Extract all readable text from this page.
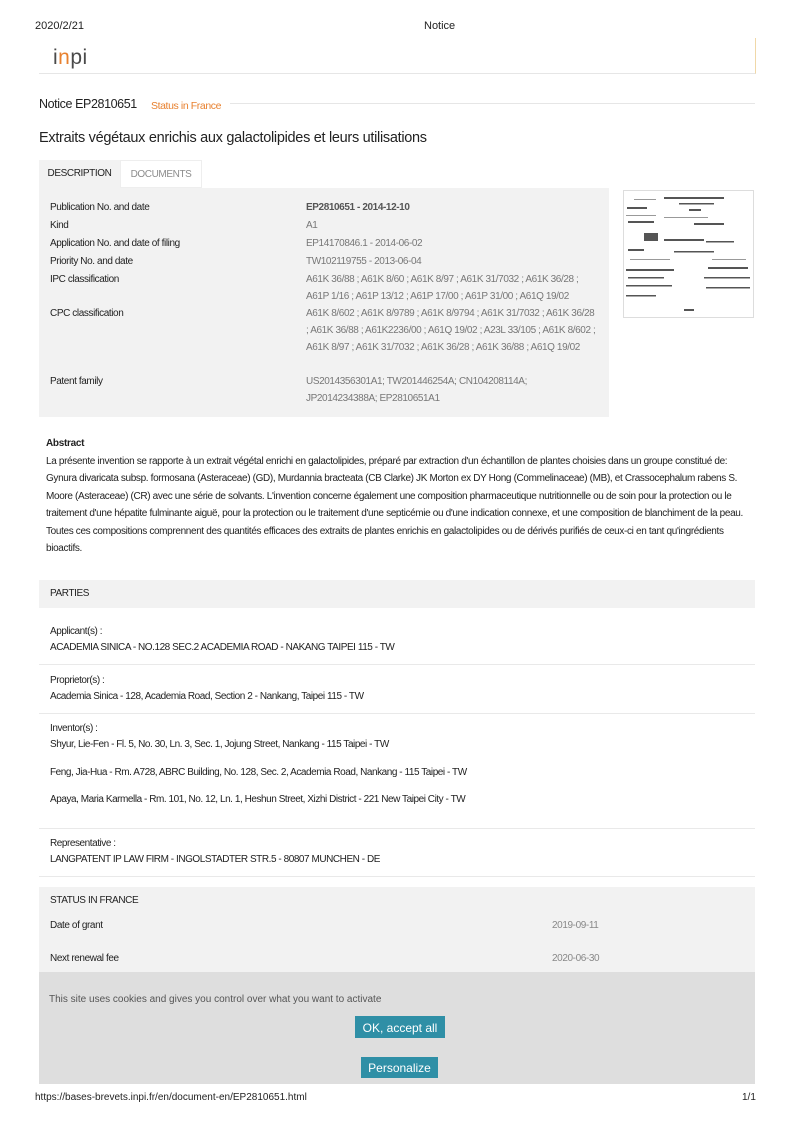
2020/2/21	Notice
inpi
Notice EP2810651 Status in France
Extraits végétaux enrichis aux galactolipides et leurs utilisations
DESCRIPTION	DOCUMENTS
Publication No. and date	EP2810651 - 2014-12-10
Kind	A1
Application No. and date of filing	EP14170846.1 - 2014-06-02
Priority No. and date	TW102119755 - 2013-06-04
IPC classification	A61K 36/88 ; A61K 8/60 ; A61K 8/97 ; A61K 31/7032 ; A61K 36/28 ; A61P 1/16 ; A61P 13/12 ; A61P 17/00 ; A61P 31/00 ; A61Q 19/02
CPC classification	A61K 8/602 ; A61K 8/9789 ; A61K 8/9794 ; A61K 31/7032 ; A61K 36/28 ; A61K 36/88 ; A61K2236/00 ; A61Q 19/02 ; A23L 33/105 ; A61K 8/602 ; A61K 8/97 ; A61K 31/7032 ; A61K 36/28 ; A61K 36/88 ; A61Q 19/02
Patent family	US2014356301A1; TW201446254A; CN104208114A; JP2014234388A; EP2810651A1
Abstract
La présente invention se rapporte à un extrait végétal enrichi en galactolipides, préparé par extraction d'un échantillon de plantes choisies dans un groupe constitué de: Gynura divaricata subsp. formosana (Asteraceae) (GD), Murdannia bracteata (CB Clarke) JK Morton ex DY Hong (Commelinaceae) (MB), et Crassocephalum rabens S. Moore (Asteraceae) (CR) avec une série de solvants. L'invention concerne également une composition pharmaceutique nutritionnelle ou de soin pour la protection ou le traitement d'une hépatite fulminante aiguë, pour la protection ou le traitement d'une septicémie ou d'une indication connexe, et une composition de blanchiment de la peau. Toutes ces compositions comprennent des quantités efficaces des extraits de plantes enrichis en galactolipides ou de dérivés purifiés de ceux-ci en tant qu'ingrédients bioactifs.
PARTIES
Applicant(s) :
ACADEMIA SINICA - NO.128 SEC.2 ACADEMIA ROAD - NAKANG TAIPEI 115 - TW
Proprietor(s) :
Academia Sinica - 128, Academia Road, Section 2 - Nankang, Taipei 115 - TW
Inventor(s) :
Shyur, Lie-Fen - Fl. 5, No. 30, Ln. 3, Sec. 1, Jojung Street, Nankang - 115 Taipei - TW
Feng, Jia-Hua - Rm. A728, ABRC Building, No. 128, Sec. 2, Academia Road, Nankang - 115 Taipei - TW
Apaya, Maria Karmella - Rm. 101, No. 12, Ln. 1, Heshun Street, Xizhi District - 221 New Taipei City - TW
Representative :
LANGPATENT IP LAW FIRM - INGOLSTADTER STR.5 - 80807 MUNCHEN - DE
STATUS IN FRANCE
Date of grant	2019-09-11
Next renewal fee	2020-06-30
This site uses cookies and gives you control over what you want to activate
OK, accept all
Personalize
https://bases-brevets.inpi.fr/en/document-en/EP2810651.html	1/1
